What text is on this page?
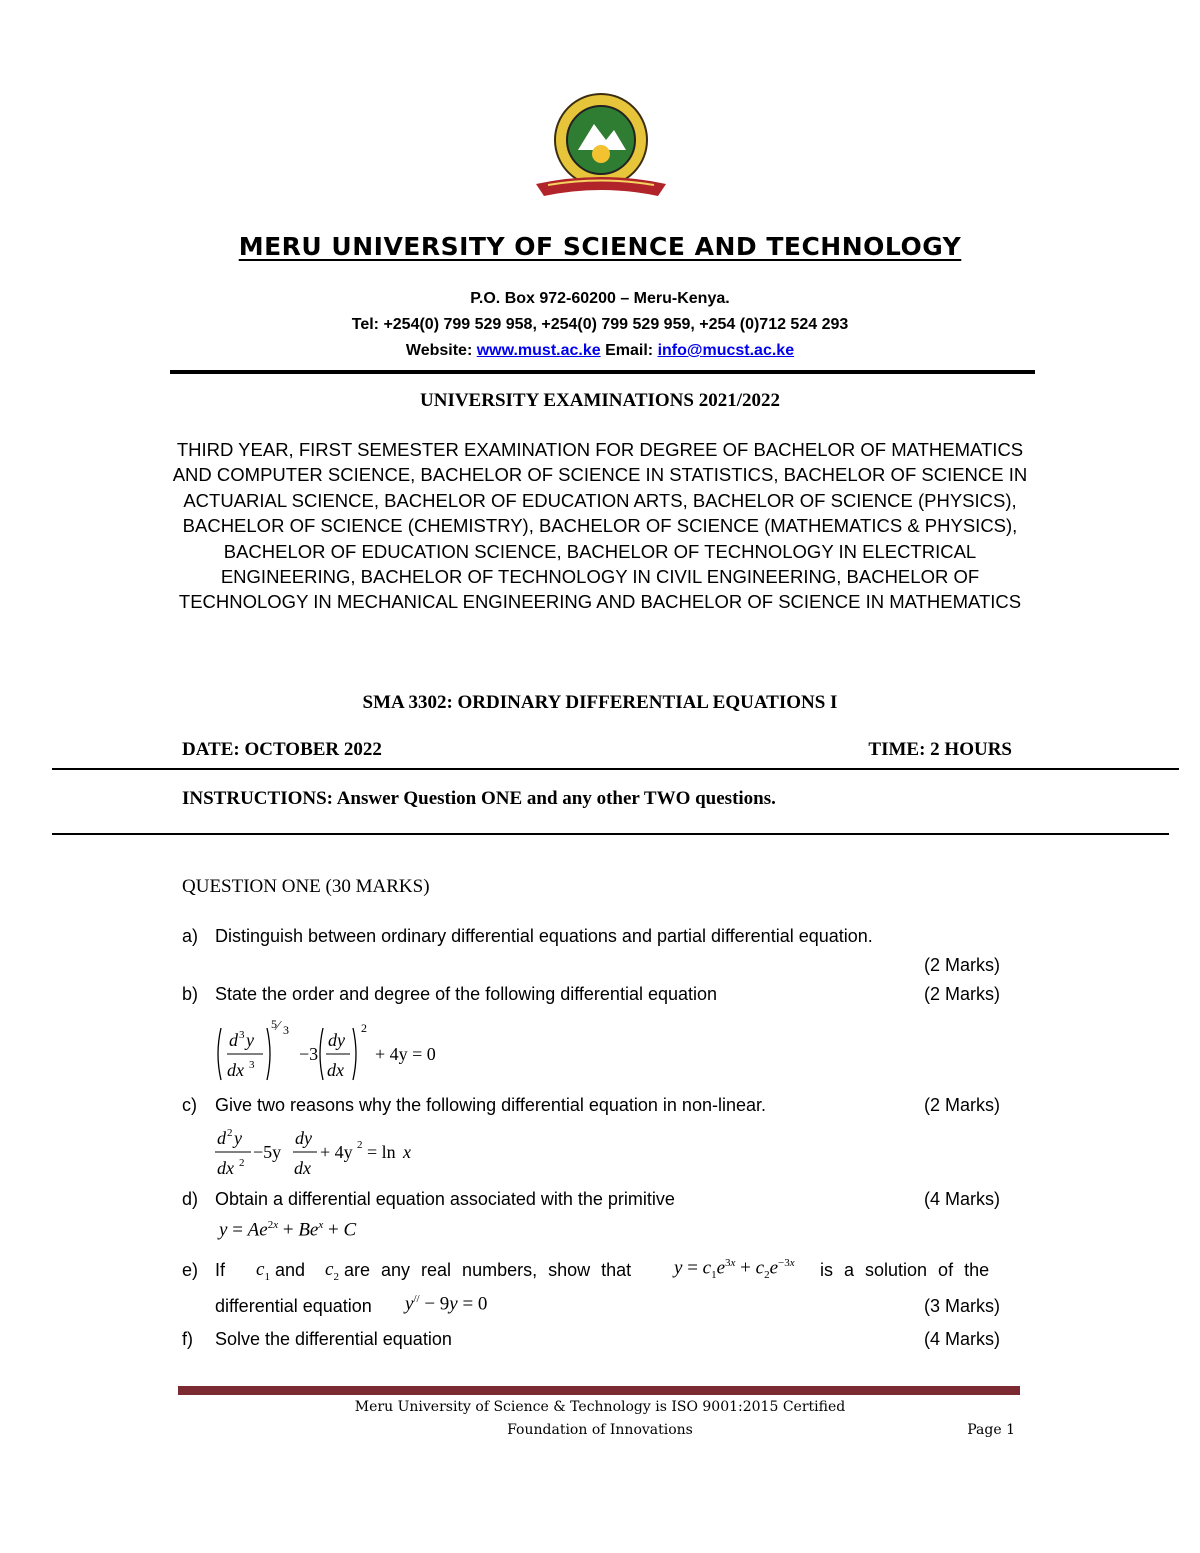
MERU UNIVERSITY OF SCIENCE AND TECHNOLOGY
P.O. Box 972-60200 – Meru-Kenya.
Tel: +254(0) 799 529 958, +254(0) 799 529 959, +254 (0)712 524 293
Website: www.must.ac.ke Email: info@mucst.ac.ke
UNIVERSITY EXAMINATIONS 2021/2022
THIRD YEAR, FIRST SEMESTER EXAMINATION FOR DEGREE OF BACHELOR OF MATHEMATICS AND COMPUTER SCIENCE, BACHELOR OF SCIENCE IN STATISTICS, BACHELOR OF SCIENCE IN ACTUARIAL SCIENCE, BACHELOR OF EDUCATION ARTS, BACHELOR OF SCIENCE (PHYSICS), BACHELOR OF SCIENCE (CHEMISTRY), BACHELOR OF SCIENCE (MATHEMATICS & PHYSICS), BACHELOR OF EDUCATION SCIENCE, BACHELOR OF TECHNOLOGY IN ELECTRICAL ENGINEERING, BACHELOR OF TECHNOLOGY IN CIVIL ENGINEERING, BACHELOR OF TECHNOLOGY IN MECHANICAL ENGINEERING AND BACHELOR OF SCIENCE IN MATHEMATICS
SMA 3302: ORDINARY DIFFERENTIAL EQUATIONS I
DATE: OCTOBER 2022	TIME: 2 HOURS
INSTRUCTIONS: Answer Question ONE and any other TWO questions.
QUESTION ONE (30 MARKS)
a) Distinguish between ordinary differential equations and partial differential equation.
(2 Marks)
b) State the order and degree of the following differential equation	(2 Marks)
d 3 y
dx 3
5 ⁄ 3
−3
dy
dx
2
+ 4y = 0
c) Give two reasons why the following differential equation in non-linear.	(2 Marks)
d 2 y
dx 2
−5y
dy
dx
+ 4y 2 = ln x
d) Obtain a differential equation associated with the primitive	(4 Marks)
$y = Ae^{2x} + Be^x + C$
e) If $c_1$ and $c_2$ are any real numbers, show that $y = c_1e^{3x} + c_2e^{-3x}$ is a solution of the
differential equation y// − 9y = 0	(3 Marks)
f) Solve the differential equation	(4 Marks)
Meru University of Science & Technology is ISO 9001:2015 Certified
Foundation of Innovations	Page 1
